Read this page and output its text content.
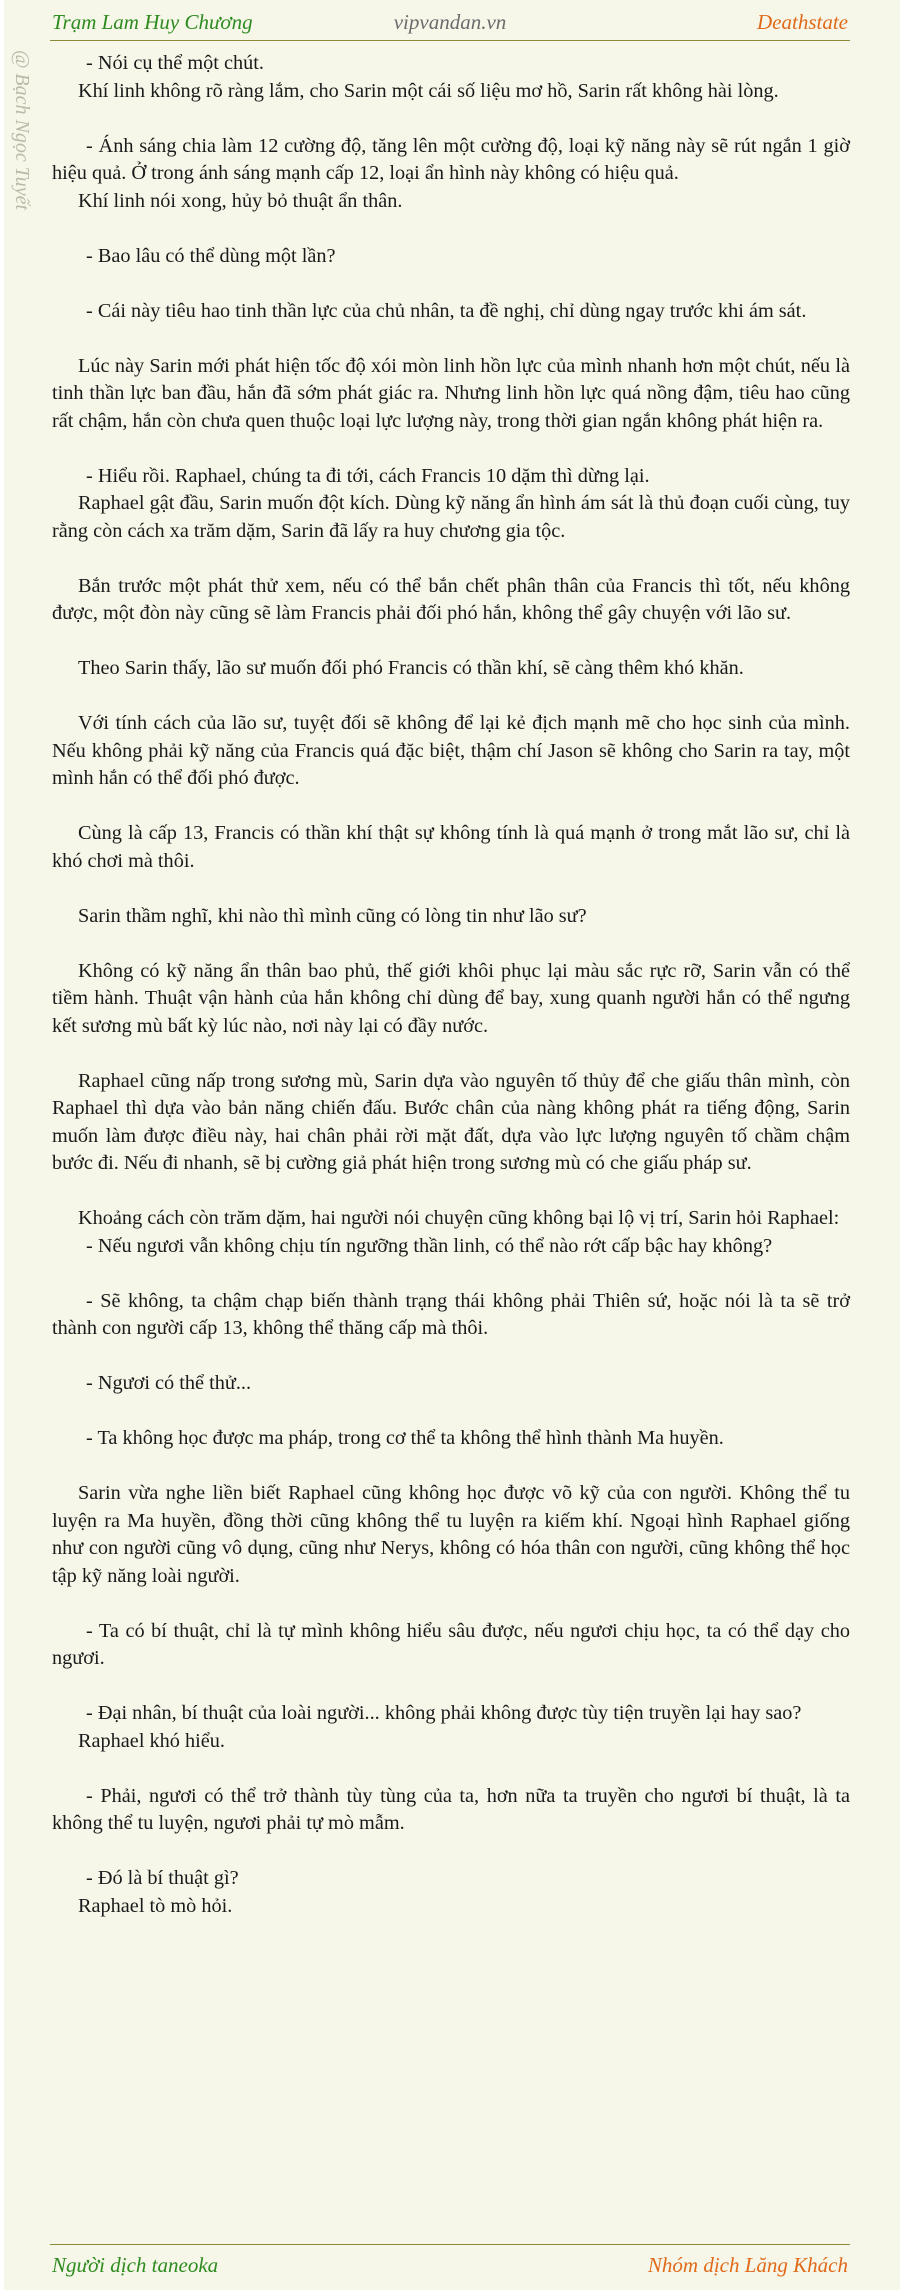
Trạm Lam Huy Chương	vipvandan.vn	Deathstate
@ Bạch Ngọc Tuyết	- Nói cụ thể một chút.

Khí linh không rõ ràng lắm, cho Sarin một cái số liệu mơ hồ, Sarin rất không hài lòng.

- Ánh sáng chia làm 12 cường độ, tăng lên một cường độ, loại kỹ năng này sẽ rút ngắn 1 giờ hiệu quả. Ở trong ánh sáng mạnh cấp 12, loại ẩn hình này không có hiệu quả.

Khí linh nói xong, hủy bỏ thuật ẩn thân.

- Bao lâu có thể dùng một lần?

- Cái này tiêu hao tinh thần lực của chủ nhân, ta đề nghị, chỉ dùng ngay trước khi ám sát.

Lúc này Sarin mới phát hiện tốc độ xói mòn linh hồn lực của mình nhanh hơn một chút, nếu là tinh thần lực ban đầu, hắn đã sớm phát giác ra. Nhưng linh hồn lực quá nồng đậm, tiêu hao cũng rất chậm, hắn còn chưa quen thuộc loại lực lượng này, trong thời gian ngắn không phát hiện ra.

- Hiểu rồi. Raphael, chúng ta đi tới, cách Francis 10 dặm thì dừng lại.

Raphael gật đầu, Sarin muốn đột kích. Dùng kỹ năng ẩn hình ám sát là thủ đoạn cuối cùng, tuy rằng còn cách xa trăm dặm, Sarin đã lấy ra huy chương gia tộc.

Bắn trước một phát thử xem, nếu có thể bắn chết phân thân của Francis thì tốt, nếu không được, một đòn này cũng sẽ làm Francis phải đối phó hắn, không thể gây chuyện với lão sư.

Theo Sarin thấy, lão sư muốn đối phó Francis có thần khí, sẽ càng thêm khó khăn.

Với tính cách của lão sư, tuyệt đối sẽ không để lại kẻ địch mạnh mẽ cho học sinh của mình. Nếu không phải kỹ năng của Francis quá đặc biệt, thậm chí Jason sẽ không cho Sarin ra tay, một mình hắn có thể đối phó được.

Cùng là cấp 13, Francis có thần khí thật sự không tính là quá mạnh ở trong mắt lão sư, chỉ là khó chơi mà thôi.

Sarin thầm nghĩ, khi nào thì mình cũng có lòng tin như lão sư?

Không có kỹ năng ẩn thân bao phủ, thế giới khôi phục lại màu sắc rực rỡ, Sarin vẫn có thể tiềm hành. Thuật vận hành của hắn không chỉ dùng để bay, xung quanh người hắn có thể ngưng kết sương mù bất kỳ lúc nào, nơi này lại có đầy nước.

Raphael cũng nấp trong sương mù, Sarin dựa vào nguyên tố thủy để che giấu thân mình, còn Raphael thì dựa vào bản năng chiến đấu. Bước chân của nàng không phát ra tiếng động, Sarin muốn làm được điều này, hai chân phải rời mặt đất, dựa vào lực lượng nguyên tố chầm chậm bước đi. Nếu đi nhanh, sẽ bị cường giả phát hiện trong sương mù có che giấu pháp sư.

Khoảng cách còn trăm dặm, hai người nói chuyện cũng không bại lộ vị trí, Sarin hỏi Raphael:

- Nếu ngươi vẫn không chịu tín ngưỡng thần linh, có thể nào rớt cấp bậc hay không?

- Sẽ không, ta chậm chạp biến thành trạng thái không phải Thiên sứ, hoặc nói là ta sẽ trở thành con người cấp 13, không thể thăng cấp mà thôi.

- Ngươi có thể thử...

- Ta không học được ma pháp, trong cơ thể ta không thể hình thành Ma huyền.

Sarin vừa nghe liền biết Raphael cũng không học được võ kỹ của con người. Không thể tu luyện ra Ma huyền, đồng thời cũng không thể tu luyện ra kiếm khí. Ngoại hình Raphael giống như con người cũng vô dụng, cũng như Nerys, không có hóa thân con người, cũng không thể học tập kỹ năng loài người.

- Ta có bí thuật, chỉ là tự mình không hiểu sâu được, nếu ngươi chịu học, ta có thể dạy cho ngươi.

- Đại nhân, bí thuật của loài người... không phải không được tùy tiện truyền lại hay sao?

Raphael khó hiểu.

- Phải, ngươi có thể trở thành tùy tùng của ta, hơn nữa ta truyền cho ngươi bí thuật, là ta không thể tu luyện, ngươi phải tự mò mẫm.

- Đó là bí thuật gì?

Raphael tò mò hỏi.

Người dịch taneoka	Nhóm dịch Lăng Khách
